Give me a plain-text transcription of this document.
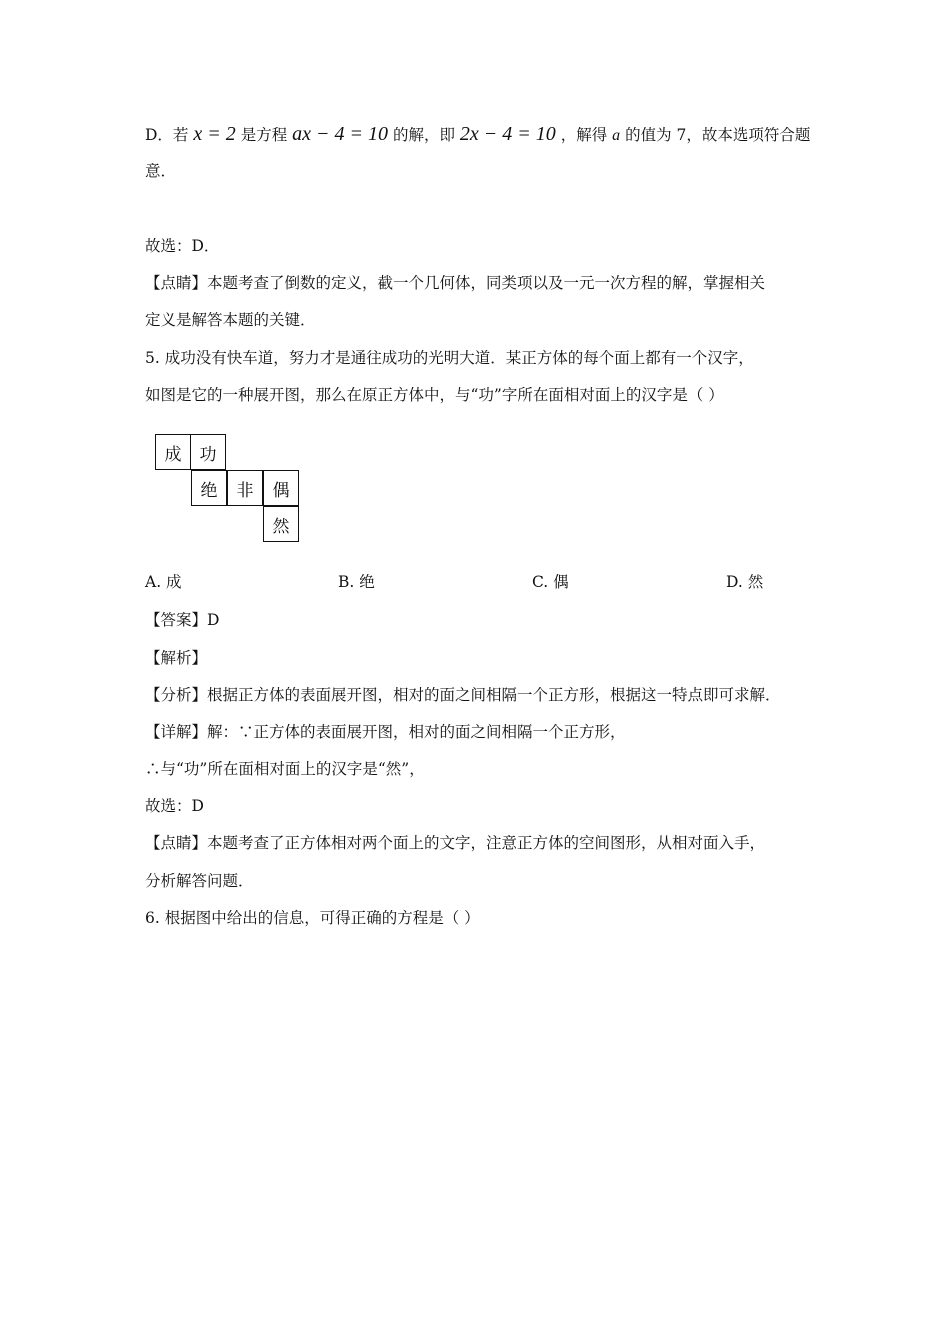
D．若 x = 2 是方程 ax − 4 = 10 的解，即 2x − 4 = 10 ，解得 a 的值为 7，故本选项符合题
意．
故选：D．
【点睛】本题考查了倒数的定义，截一个几何体，同类项以及一元一次方程的解，掌握相关
定义是解答本题的关键．
5. 成功没有快车道，努力才是通往成功的光明大道．某正方体的每个面上都有一个汉字，
如图是它的一种展开图，那么在原正方体中，与“功”字所在面相对面上的汉字是（ ）
成	功
绝	非	偶
然
A. 成	B. 绝	C. 偶	D. 然
【答案】D
【解析】
【分析】根据正方体的表面展开图，相对的面之间相隔一个正方形，根据这一特点即可求解．
【详解】解：∵正方体的表面展开图，相对的面之间相隔一个正方形，
∴与“功”所在面相对面上的汉字是“然”，
故选：D
【点睛】本题考查了正方体相对两个面上的文字，注意正方体的空间图形，从相对面入手，
分析解答问题．
6. 根据图中给出的信息，可得正确的方程是（ ）
